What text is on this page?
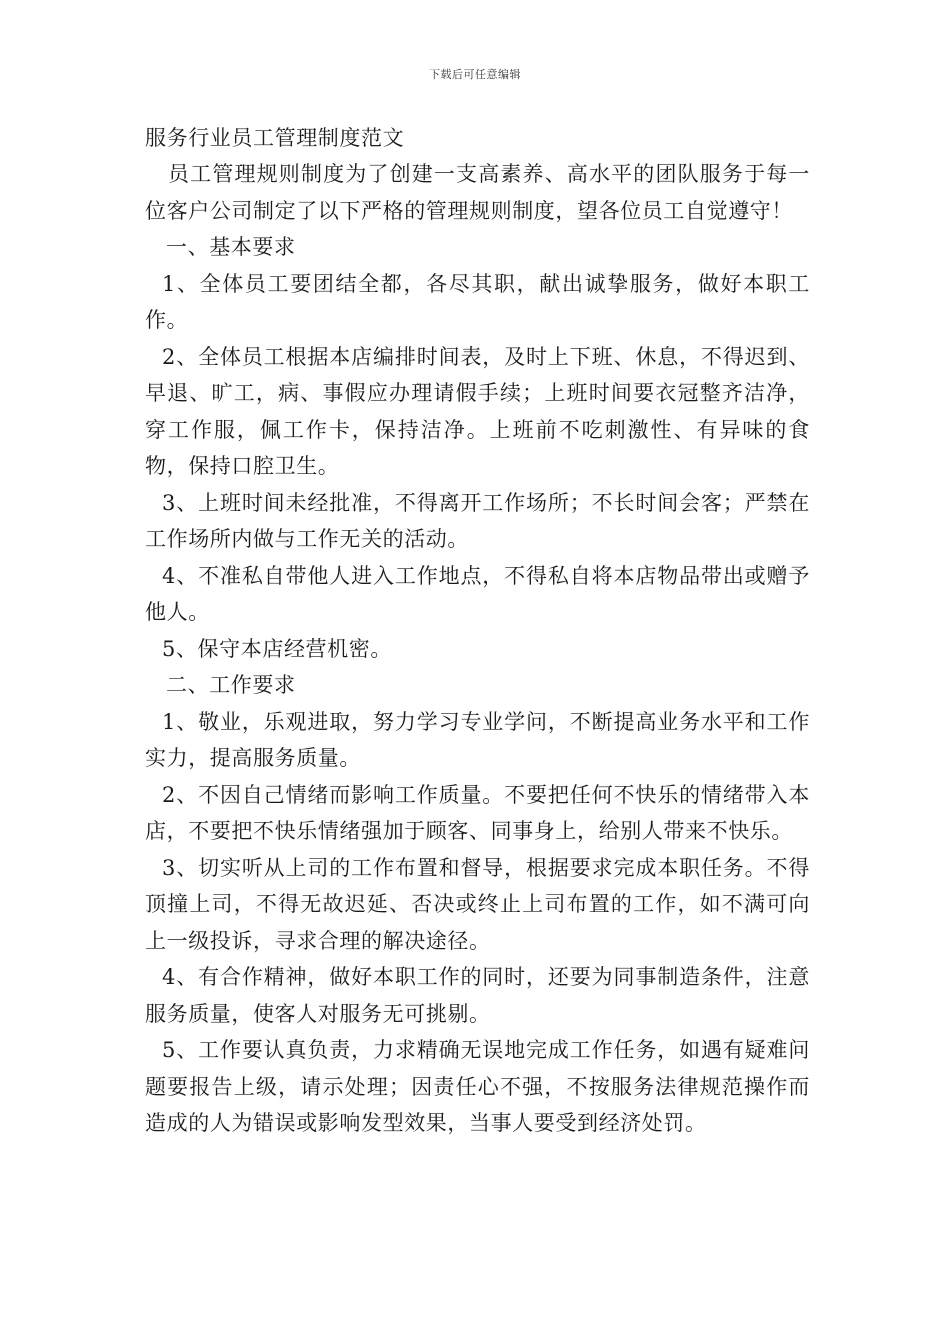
下载后可任意编辑
服务行业员工管理制度范文

员工管理规则制度为了创建一支高素养、高水平的团队服务于每一位客户公司制定了以下严格的管理规则制度，望各位员工自觉遵守！

一、基本要求

1、全体员工要团结全都，各尽其职，献出诚挚服务，做好本职工作。

2、全体员工根据本店编排时间表，及时上下班、休息，不得迟到、早退、旷工，病、事假应办理请假手续；上班时间要衣冠整齐洁净，穿工作服，佩工作卡，保持洁净。上班前不吃刺激性、有异味的食物，保持口腔卫生。

3、上班时间未经批准，不得离开工作场所；不长时间会客；严禁在工作场所内做与工作无关的活动。

4、不准私自带他人进入工作地点，不得私自将本店物品带出或赠予他人。

5、保守本店经营机密。

二、工作要求

1、敬业，乐观进取，努力学习专业学问，不断提高业务水平和工作实力，提高服务质量。

2、不因自己情绪而影响工作质量。不要把任何不快乐的情绪带入本店，不要把不快乐情绪强加于顾客、同事身上，给别人带来不快乐。

3、切实听从上司的工作布置和督导，根据要求完成本职任务。不得顶撞上司，不得无故迟延、否决或终止上司布置的工作，如不满可向上一级投诉，寻求合理的解决途径。

4、有合作精神，做好本职工作的同时，还要为同事制造条件，注意服务质量，使客人对服务无可挑剔。

5、工作要认真负责，力求精确无误地完成工作任务，如遇有疑难问题要报告上级，请示处理；因责任心不强，不按服务法律规范操作而造成的人为错误或影响发型效果，当事人要受到经济处罚。
